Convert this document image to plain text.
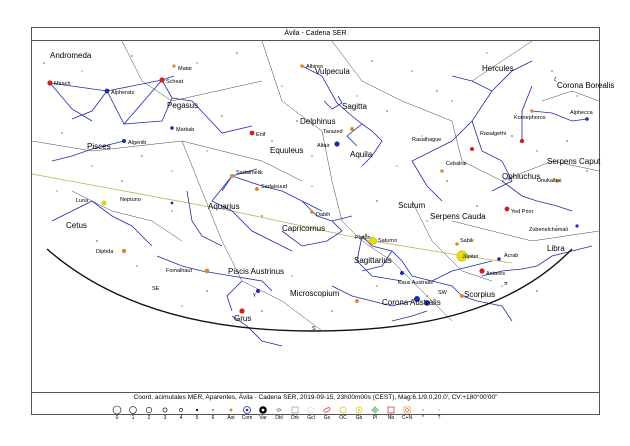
Ávila - Cadena SER
Andromeda
Vulpecula	Hercules
Corona Borealis
Pegasus
Delphinus
Sagitta
Pisces	Equuleus	Aquila
Serpens Caput
Ophiuchus
Aquarius	Scutum
Serpens Cauda
Cetus	Capricornus
Libra
Sagittarius
Piscis Austrinus
Microscopium
Corona Australis
Scorpius
Grus
Mirach
Alpheratz
Scheat
Matar	Albireo
Kornephoros
Alphecca
Markab
Enif
Algenib
Tarazed
Altair
Rasalhague
Rasalgethi
Cebalrai
Sadalmelik
Sadalsuud
Unukalhai
Luna	Neptuno
Dabih	Yed Prior
Zubenelchamali
Sabik
Júpiter	Acrab
Diphda
Fomalhaut
Kaus Australis
Antares
Plutón Saturno
ζ
γ
π
SE
S
SW
Coord. acimutales MER, Aparentes, Ávila - Cadena SER, 2019-09-15, 23h00m00s (CEST), Mag:6.1/9.0,20.0', CV:+180°00'00"
0	1	2	3	4	5	6	Ast	Com	Var	Dbl	Drk	Gcl	Gx	OC	Gb	Pl	Nb	C+N	*	?
